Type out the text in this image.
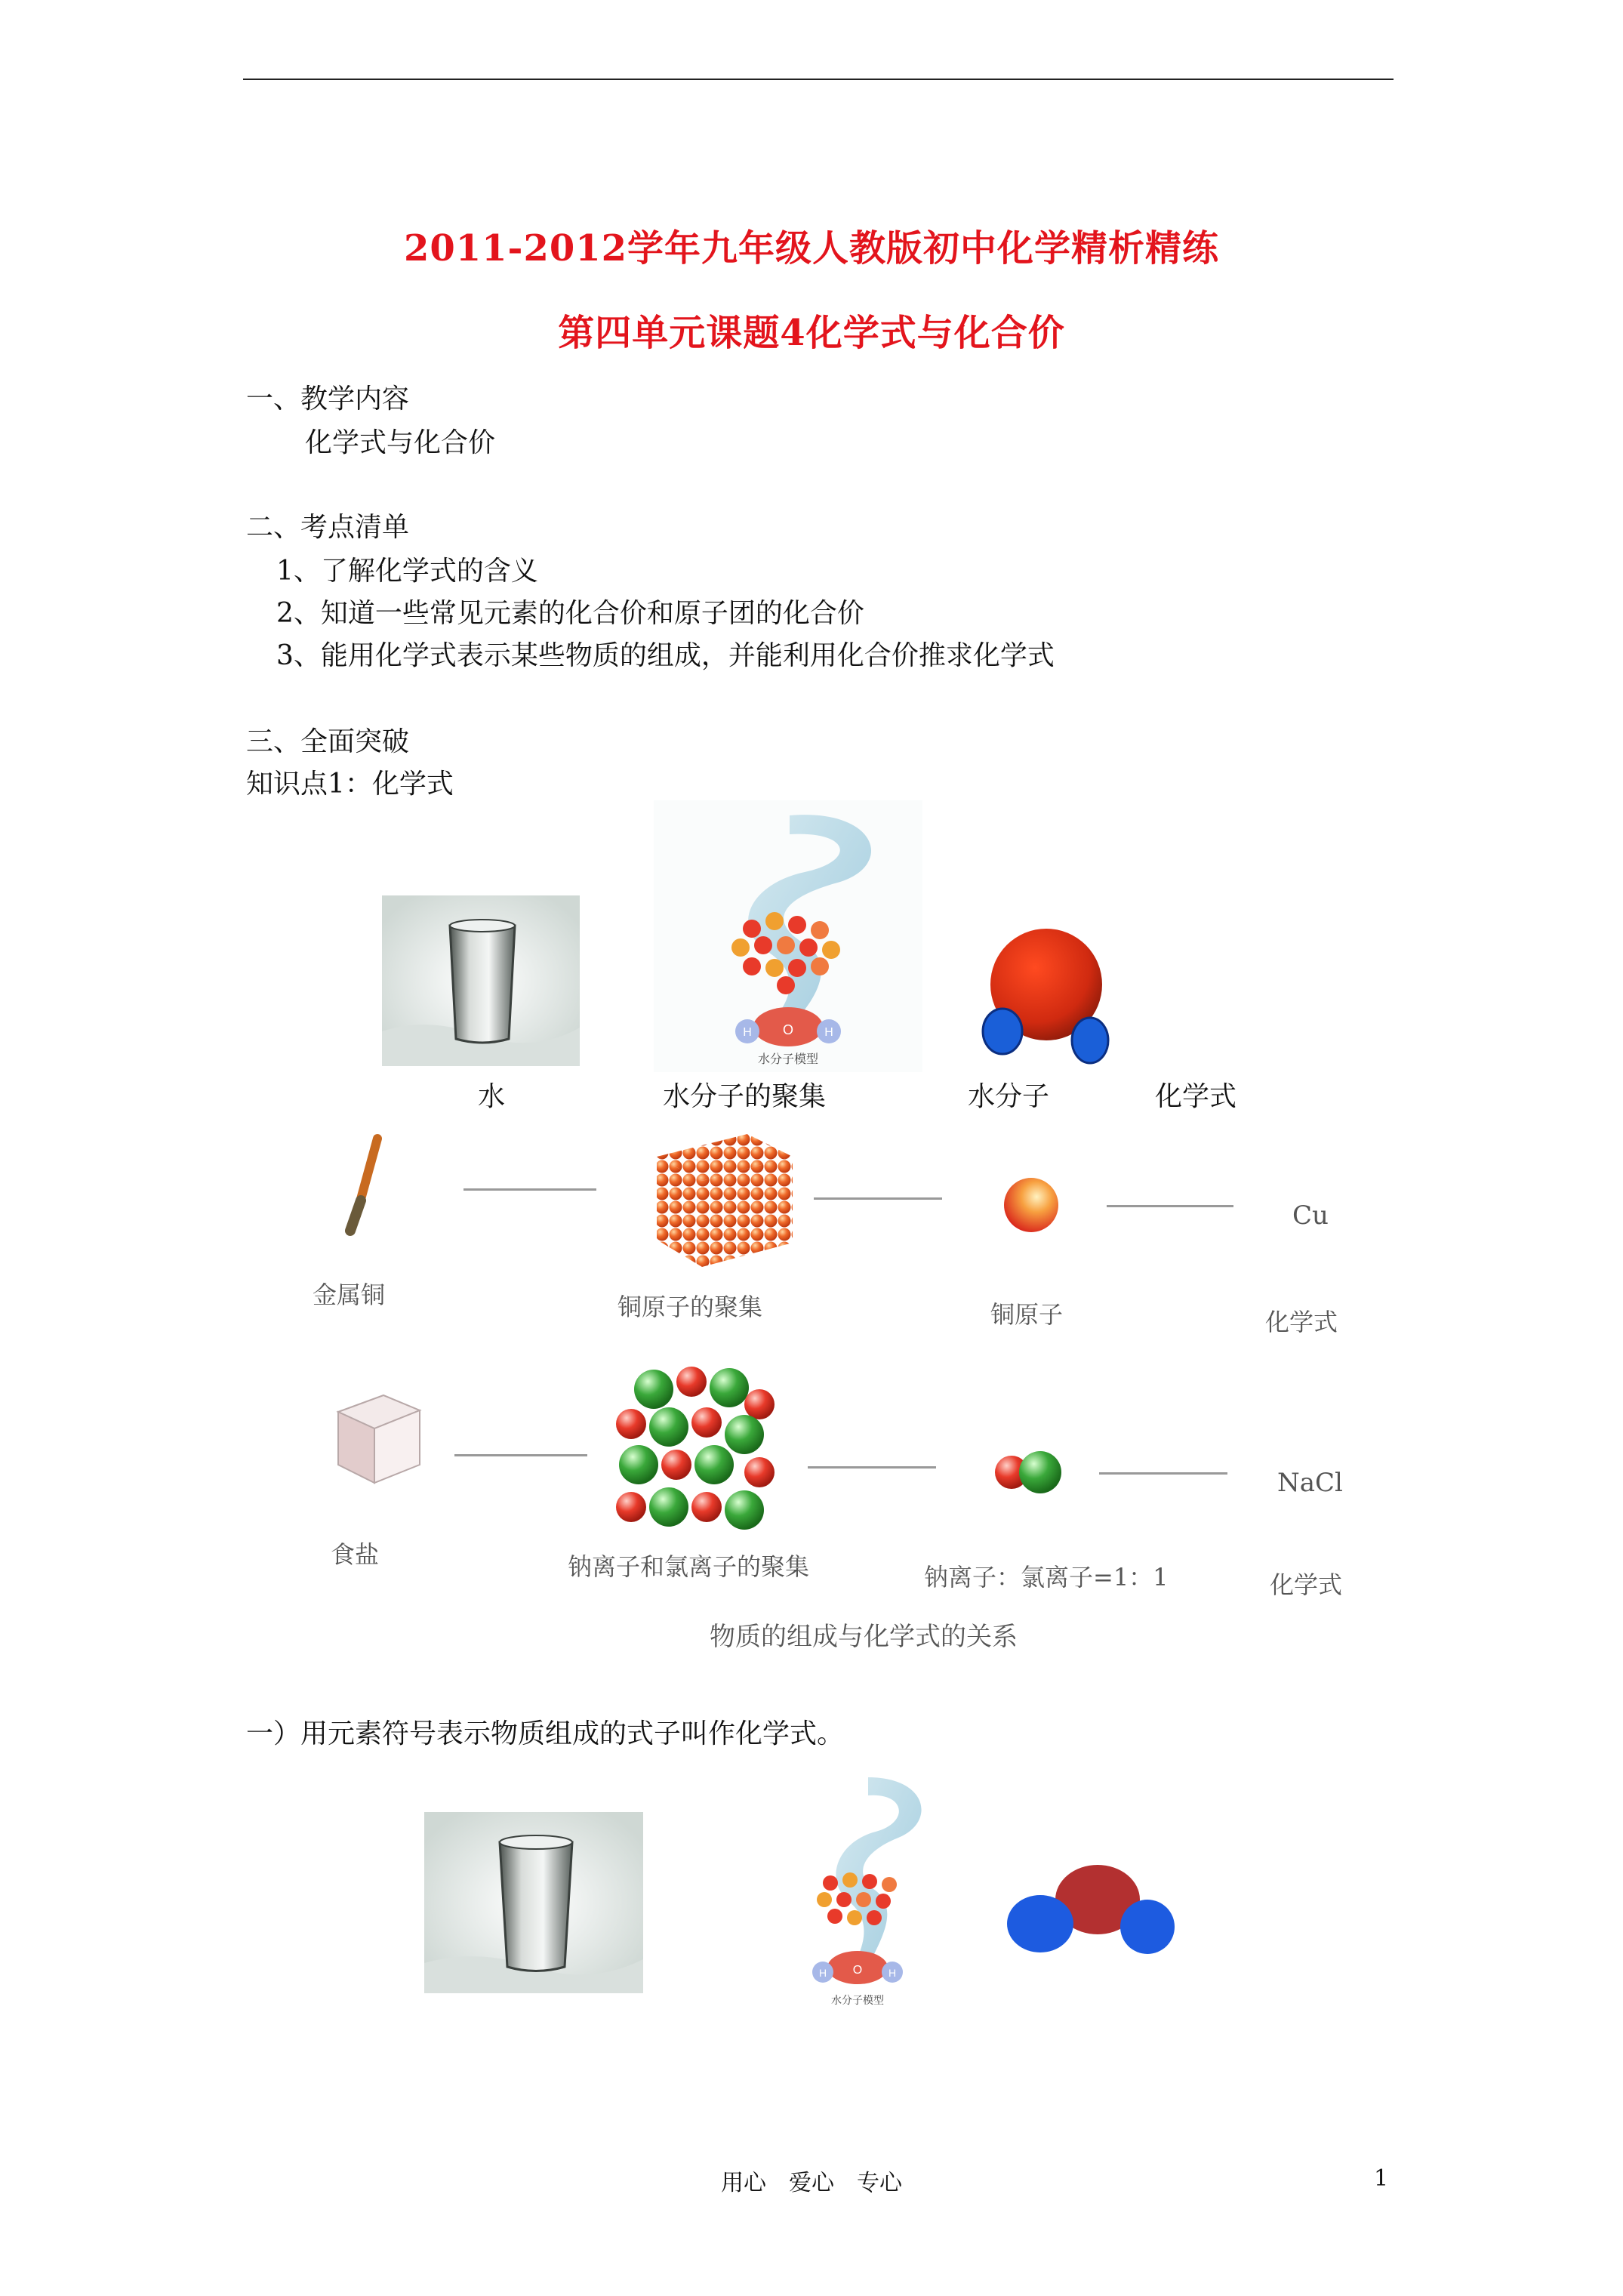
2011-2012学年九年级人教版初中化学精析精练
第四单元课题4化学式与化合价
一、教学内容
化学式与化合价
二、考点清单
1、了解化学式的含义
2、知道一些常见元素的化合价和原子团的化合价
3、能用化学式表示某些物质的组成，并能利用化合价推求化学式
三、全面突破
知识点1：化学式
O
H	H
水分子模型
水	水分子的聚集	水分子	化学式
Cu
金属铜	铜原子的聚集	铜原子	化学式
NaCl
食盐	钠离子和氯离子的聚集	钠离子：氯离子=1：1	化学式
物质的组成与化学式的关系
一）用元素符号表示物质组成的式子叫作化学式。
O
H	H
水分子模型
用心　爱心　专心	1
